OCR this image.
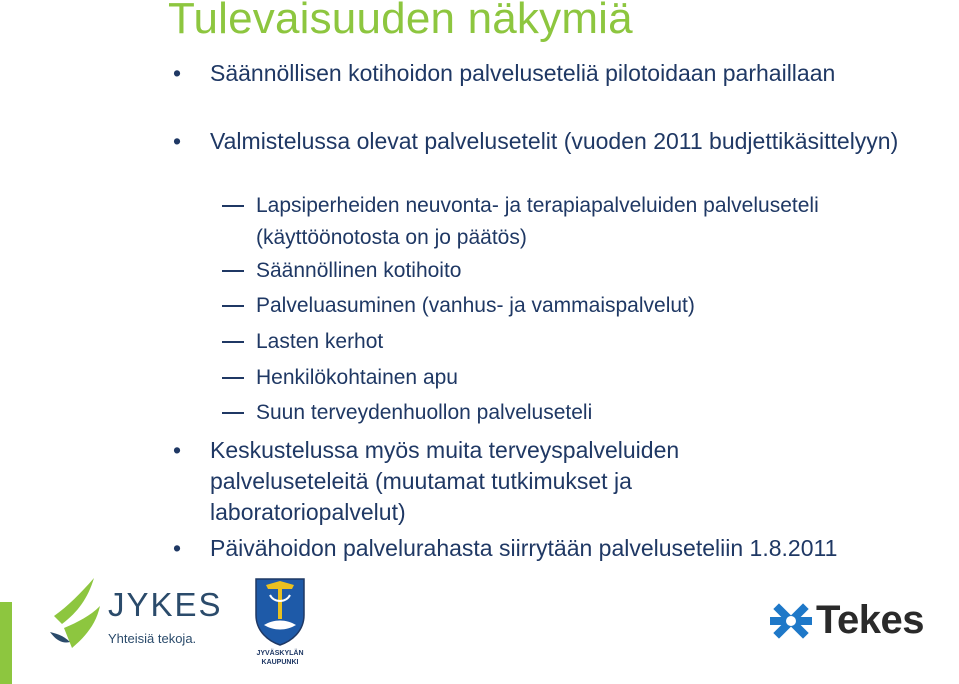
Tulevaisuuden näkymiä
• Säännöllisen kotihoidon palveluseteliä pilotoidaan parhaillaan
• Valmistelussa olevat palvelusetelit (vuoden 2011 budjettikäsittelyyn)
Lapsiperheiden neuvonta- ja terapiapalveluiden palveluseteli (käyttöönotosta on jo päätös)
Säännöllinen kotihoito
Palveluasuminen (vanhus- ja vammaispalvelut)
Lasten kerhot
Henkilökohtainen apu
Suun terveydenhuollon palveluseteli
• Keskustelussa myös muita terveyspalveluiden palveluseteleitä (muutamat tutkimukset ja laboratoriopalvelut)
• Päivähoidon palvelurahasta siirrytään palveluseteliin 1.8.2011
JYKES
Yhteisiä tekoja.
JYVÄSKYLÄN
KAUPUNKI
Tekes
